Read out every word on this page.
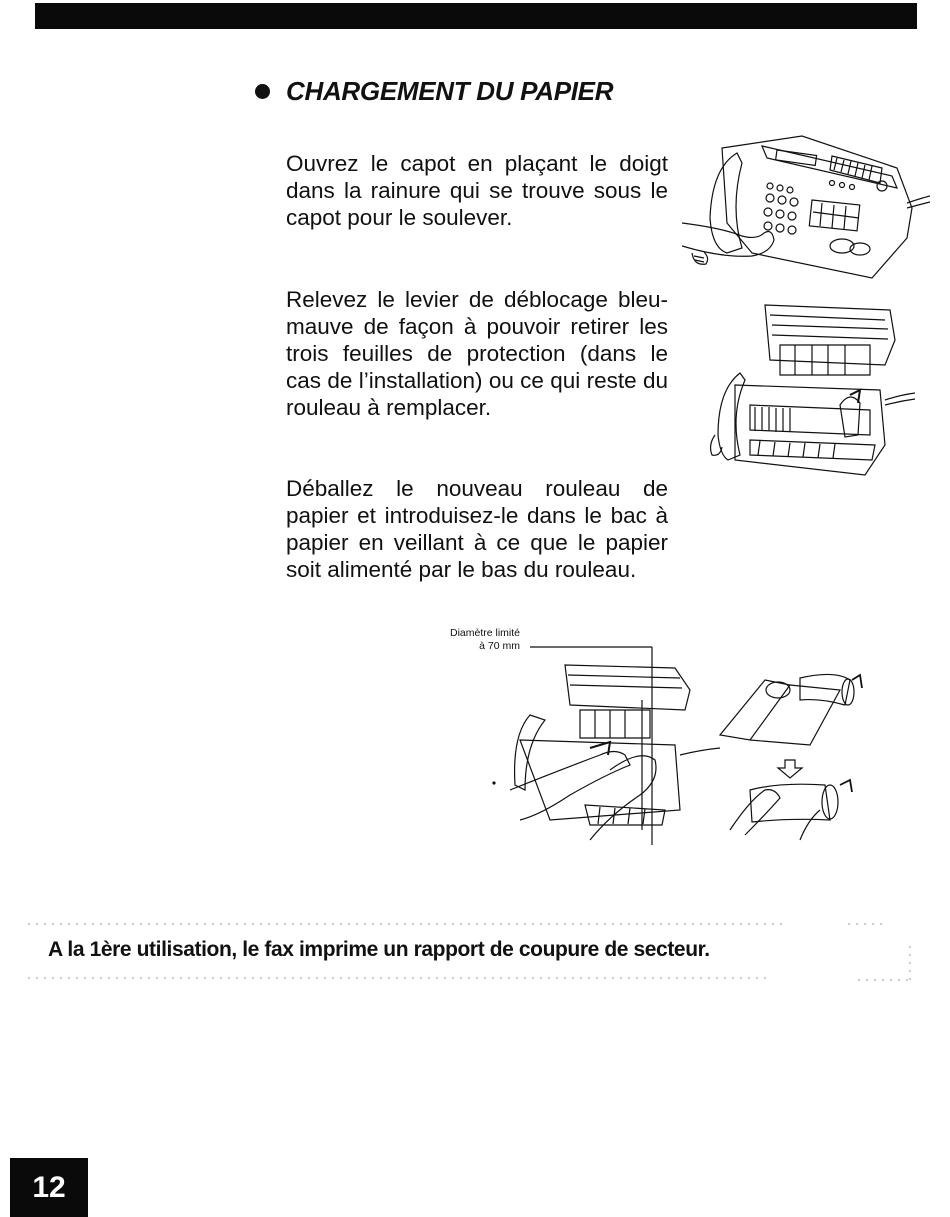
CHARGEMENT DU PAPIER

Ouvrez le capot en plaçant le doigt dans la rainure qui se trouve sous le capot pour le soulever.

Relevez le levier de déblocage bleu-mauve de façon à pouvoir retirer les trois feuilles de protection (dans le cas de l’installation) ou ce qui reste du rouleau à remplacer.

Déballez le nouveau rouleau de papier et introduisez-le dans le bac à papier en veillant à ce que le papier soit alimenté par le bas du rouleau.

Diamètre limité
à 70 mm
A la 1ère utilisation, le fax imprime un rapport de coupure de secteur.
12
